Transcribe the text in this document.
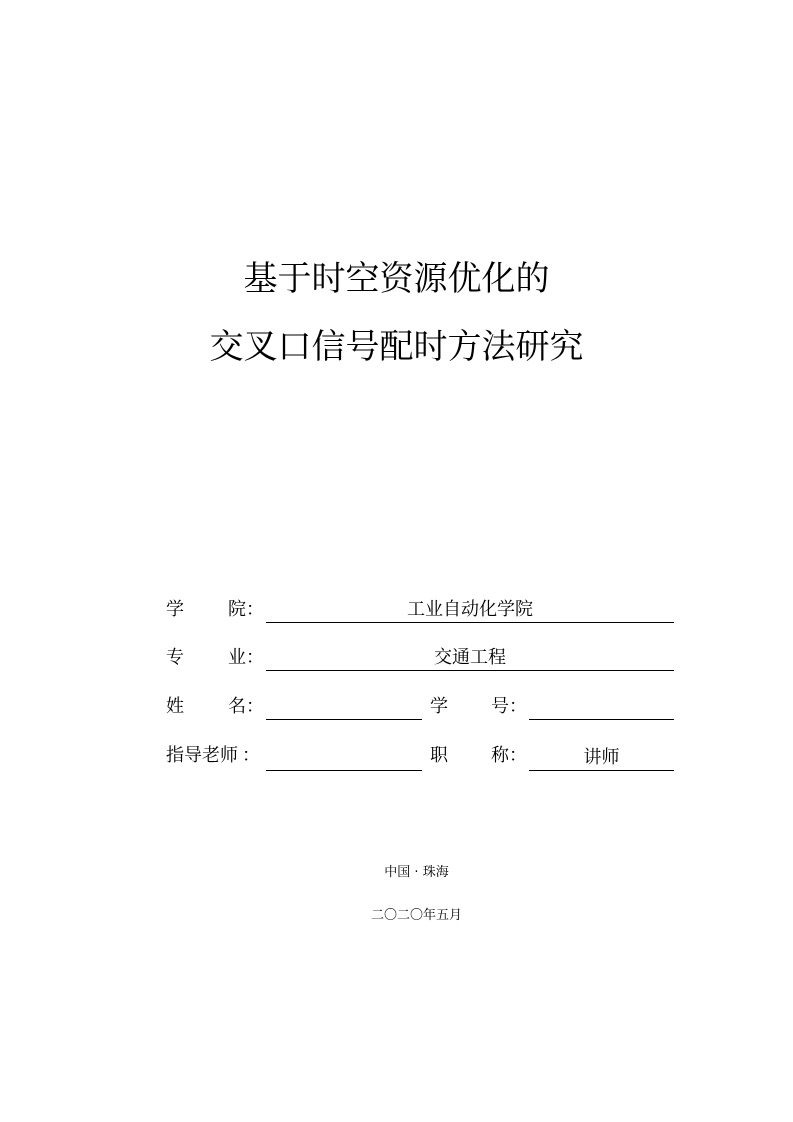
基于时空资源优化的
交叉口信号配时方法研究
学 院 ：	工业自动化学院
专 业 ：	交通工程
姓 名 ：	学 号 ：
指导老师 ：	职 称 ：	讲师
中国 · 珠海
二〇二〇年五月
